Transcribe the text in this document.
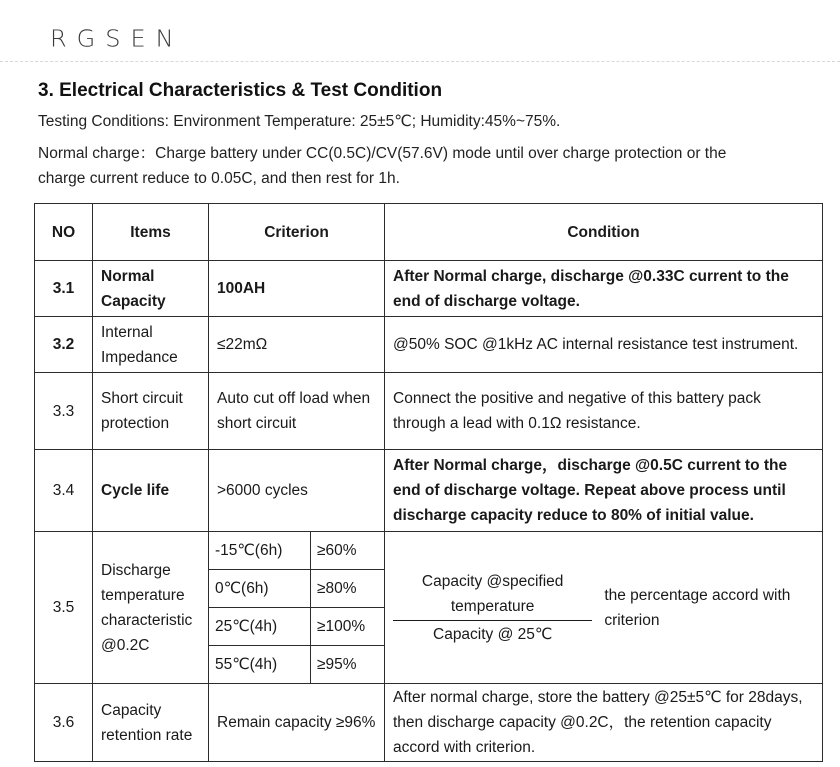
RGSEN
3. Electrical Characteristics & Test Condition

Testing Conditions: Environment Temperature: 25±5℃; Humidity:45%~75%.

Normal charge：Charge battery under CC(0.5C)/CV(57.6V) mode until over charge protection or the

charge current reduce to 0.05C, and then rest for 1h.

NO	Items	Criterion		Condition
3.1	Normal Capacity	100AH		After Normal charge, discharge @0.33C current to the end of discharge voltage.
3.2	Internal Impedance	≤22mΩ		@50% SOC @1kHz AC internal resistance test instrument.
3.3	Short circuit protection	Auto cut off load when short circuit		Connect the positive and negative of this battery pack through a lead with 0.1Ω resistance.
3.4	Cycle life	>6000 cycles		After Normal charge，discharge @0.5C current to the end of discharge voltage. Repeat above process until discharge capacity reduce to 80% of initial value.
3.5	Discharge temperature characteristic @0.2C	-15℃(6h)	≥60%	$\frac{\text{Capacity @specified temperature}}{\text{Capacity @ 25℃}}$ the percentage accord with criterion

		0℃(6h)	≥80%	
		25℃(4h)	≥100%	
		55℃(4h)	≥95%	
3.6	Capacity retention rate	Remain capacity ≥96%		After normal charge, store the battery @25±5℃ for 28days, then discharge capacity @0.2C，the retention capacity accord with criterion.
